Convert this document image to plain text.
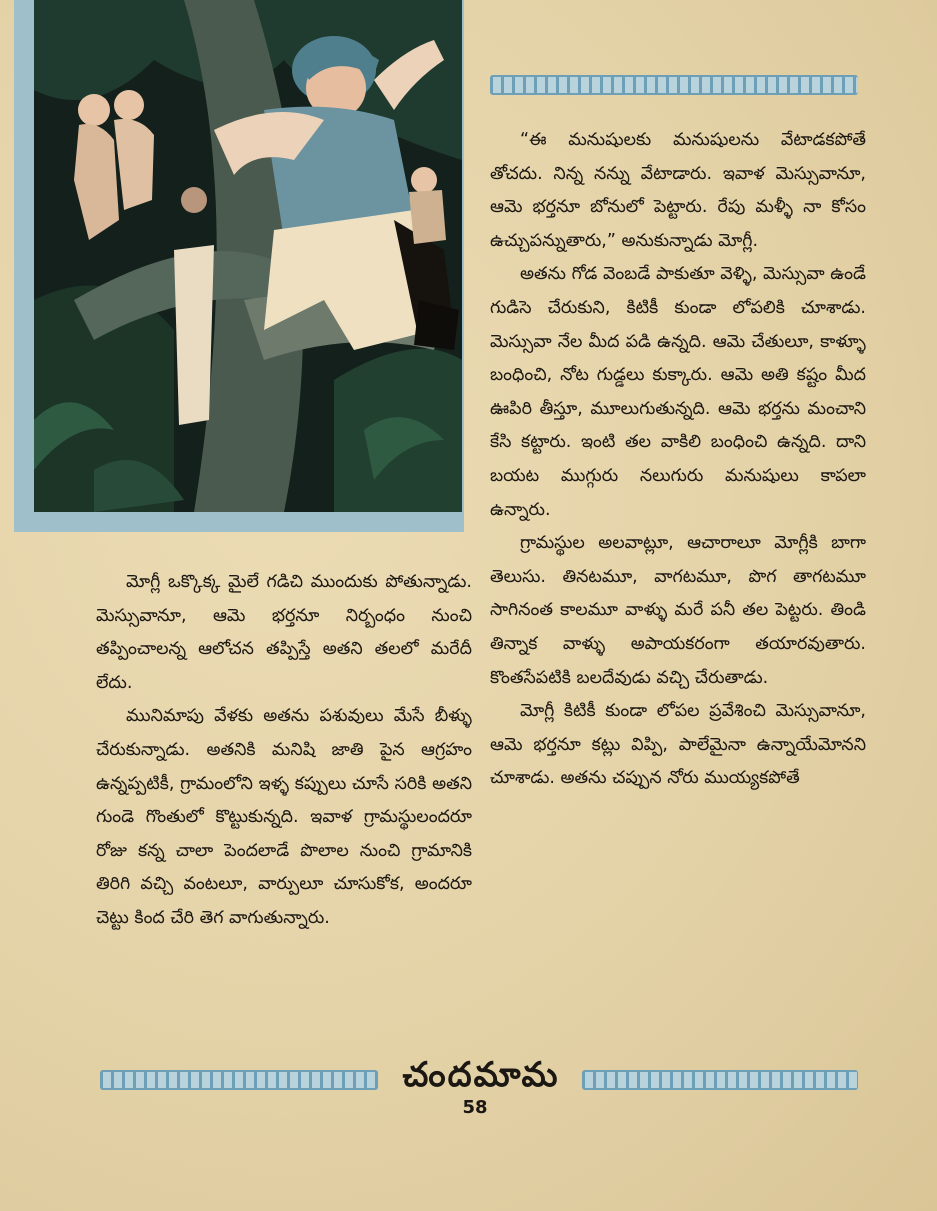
“ఈ మనుషులకు మనుషులను వేటాడకపోతే తోచదు. నిన్న నన్ను వేటాడారు. ఇవాళ మెస్సువానూ, ఆమె భర్తనూ బోనులో పెట్టారు. రేపు మళ్ళీ నా కోసం ఉచ్చుపన్నుతారు,” అనుకున్నాడు మోగ్లీ.

అతను గోడ వెంబడే పాకుతూ వెళ్ళి, మెస్సువా ఉండే గుడిసె చేరుకుని, కిటికీ కుండా లోపలికి చూశాడు. మెస్సువా నేల మీద పడి ఉన్నది. ఆమె చేతులూ, కాళ్ళూ బంధించి, నోట గుడ్డలు కుక్కారు. ఆమె అతి కష్టం మీద ఊపిరి తీస్తూ, మూలుగుతున్నది. ఆమె భర్తను మంచాని కేసి కట్టారు. ఇంటి తల వాకిలి బంధించి ఉన్నది. దాని బయట ముగ్గురు నలుగురు మనుషులు కాపలా ఉన్నారు.

గ్రామస్థుల అలవాట్లూ, ఆచారాలూ మోగ్లీకి బాగా తెలుసు. తినటమూ, వాగటమూ, పొగ తాగటమూ సాగినంత కాలమూ వాళ్ళు మరే పనీ తల పెట్టరు. తిండి తిన్నాక వాళ్ళు అపాయకరంగా తయారవుతారు. కొంతసేపటికి బలదేవుడు వచ్చి చేరుతాడు.

మోగ్లీ కిటికీ కుండా లోపల ప్రవేశించి మెస్సువానూ, ఆమె భర్తనూ కట్లు విప్పి, పాలేమైనా ఉన్నాయేమోనని చూశాడు. అతను చప్పున నోరు ముయ్యకపోతే

మోగ్లీ ఒక్కొక్క మైలే గడిచి ముందుకు పోతున్నాడు. మెస్సువానూ, ఆమె భర్తనూ నిర్బంధం నుంచి తప్పించాలన్న ఆలోచన తప్పిస్తే అతని తలలో మరేదీ లేదు.

మునిమాపు వేళకు అతను పశువులు మేసే బీళ్ళు చేరుకున్నాడు. అతనికి మనిషి జాతి పైన ఆగ్రహం ఉన్నప్పటికీ, గ్రామంలోని ఇళ్ళ కప్పులు చూసే సరికి అతని గుండె గొంతులో కొట్టుకున్నది. ఇవాళ గ్రామస్థులందరూ రోజు కన్న చాలా పెందలాడే పొలాల నుంచి గ్రామానికి తిరిగి వచ్చి వంటలూ, వార్పులూ చూసుకోక, అందరూ చెట్టు కింద చేరి తెగ వాగుతున్నారు.

చందమామ
58
